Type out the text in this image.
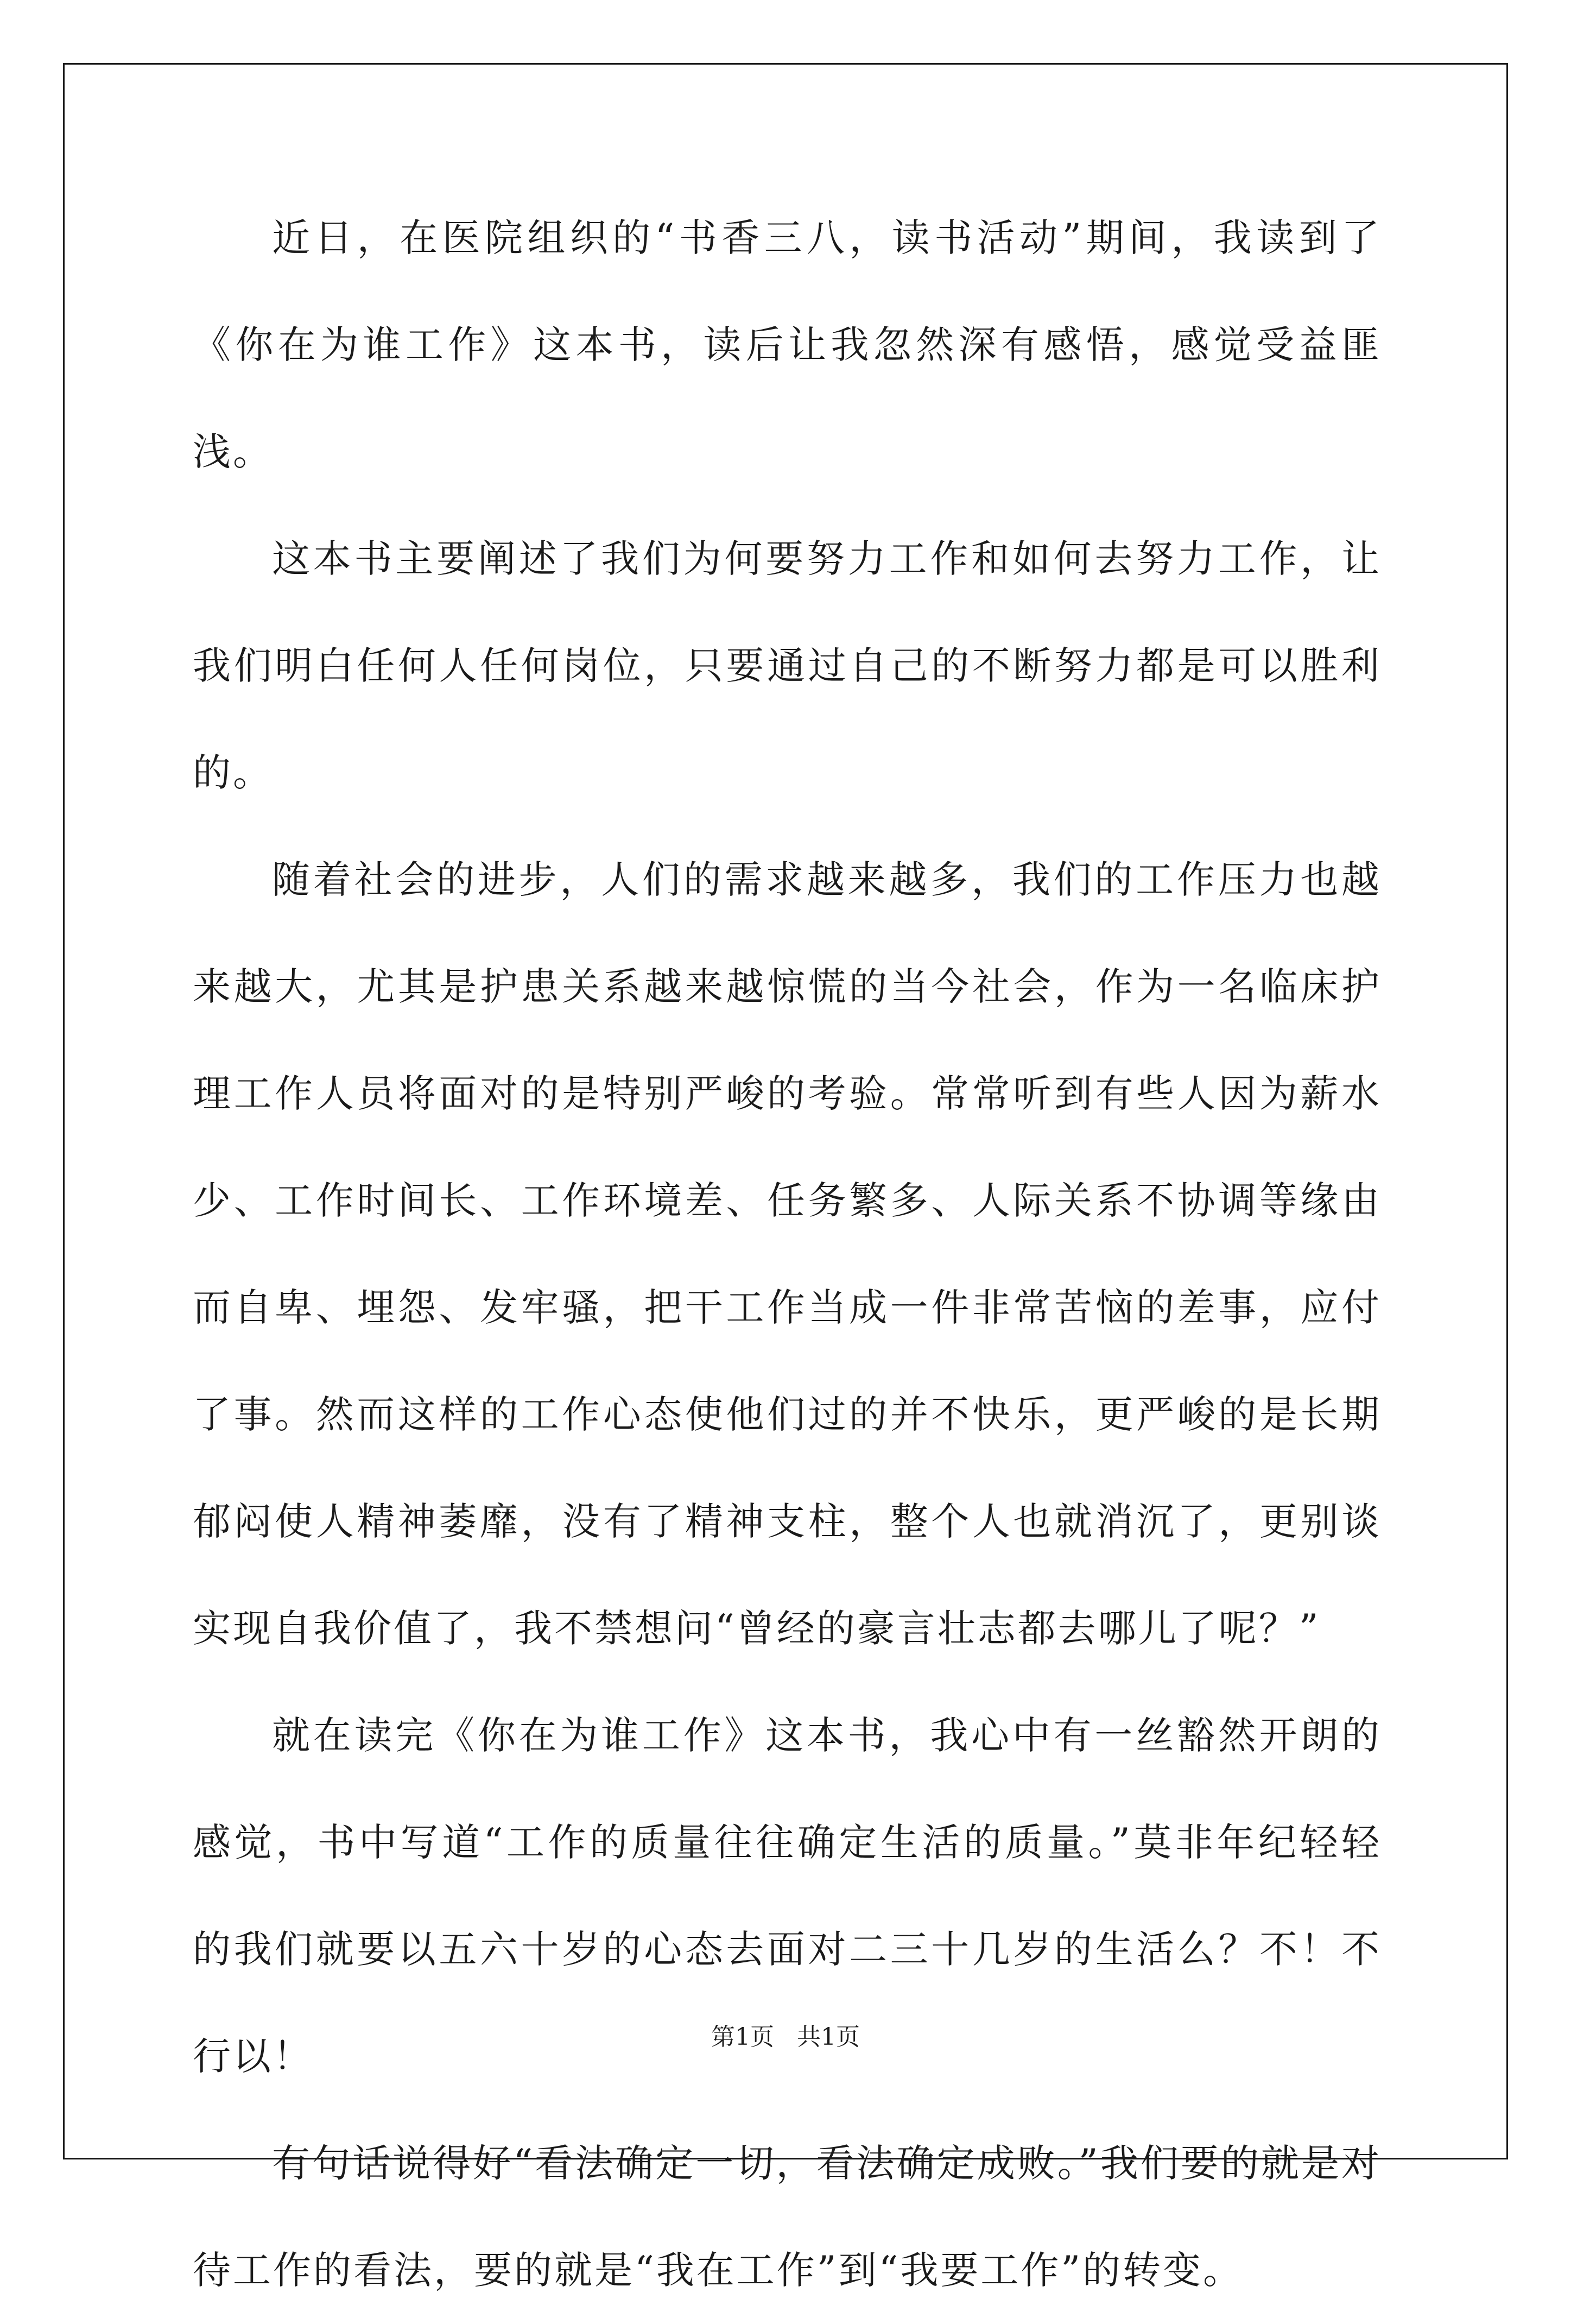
近日，在医院组织的“书香三八，读书活动”期间，我读到了《你在为谁工作》这本书，读后让我忽然深有感悟，感觉受益匪浅。

这本书主要阐述了我们为何要努力工作和如何去努力工作，让我们明白任何人任何岗位，只要通过自己的不断努力都是可以胜利的。

随着社会的进步，人们的需求越来越多，我们的工作压力也越来越大，尤其是护患关系越来越惊慌的当今社会，作为一名临床护理工作人员将面对的是特别严峻的考验。常常听到有些人因为薪水少、工作时间长、工作环境差、任务繁多、人际关系不协调等缘由而自卑、埋怨、发牢骚，把干工作当成一件非常苦恼的差事，应付了事。然而这样的工作心态使他们过的并不快乐，更严峻的是长期郁闷使人精神萎靡，没有了精神支柱，整个人也就消沉了，更别谈实现自我价值了，我不禁想问“曾经的豪言壮志都去哪儿了呢？”

就在读完《你在为谁工作》这本书，我心中有一丝豁然开朗的感觉，书中写道“工作的质量往往确定生活的质量。”莫非年纪轻轻的我们就要以五六十岁的心态去面对二三十几岁的生活么？不！不行以！

有句话说得好“看法确定一切，看法确定成败。”我们要的就是对待工作的看法，要的就是“我在工作”到“我要工作”的转变。

第1页 共1页
